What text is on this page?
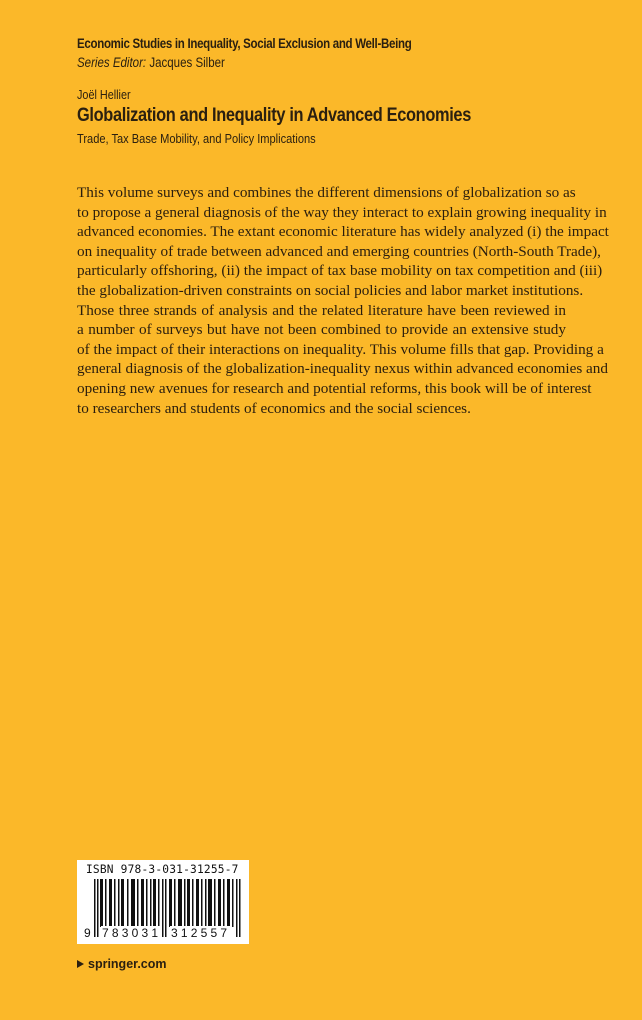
Economic Studies in Inequality, Social Exclusion and Well-Being
Series Editor: Jacques Silber
Joël Hellier
Globalization and Inequality in Advanced Economies
Trade, Tax Base Mobility, and Policy Implications
This volume surveys and combines the different dimensions of globalization so as
to propose a general diagnosis of the way they interact to explain growing inequality in
advanced economies. The extant economic literature has widely analyzed (i) the impact
on inequality of trade between advanced and emerging countries (North-South Trade),
particularly offshoring, (ii) the impact of tax base mobility on tax competition and (iii)
the globalization-driven constraints on social policies and labor market institutions.
Those three strands of analysis and the related literature have been reviewed in
a number of surveys but have not been combined to provide an extensive study
of the impact of their interactions on inequality. This volume fills that gap. Providing a
general diagnosis of the globalization-inequality nexus within advanced economies and
opening new avenues for research and potential reforms, this book will be of interest
to researchers and students of economics and the social sciences.
ISBN 978-3-031-31255-7
9 783031 312557
springer.com
